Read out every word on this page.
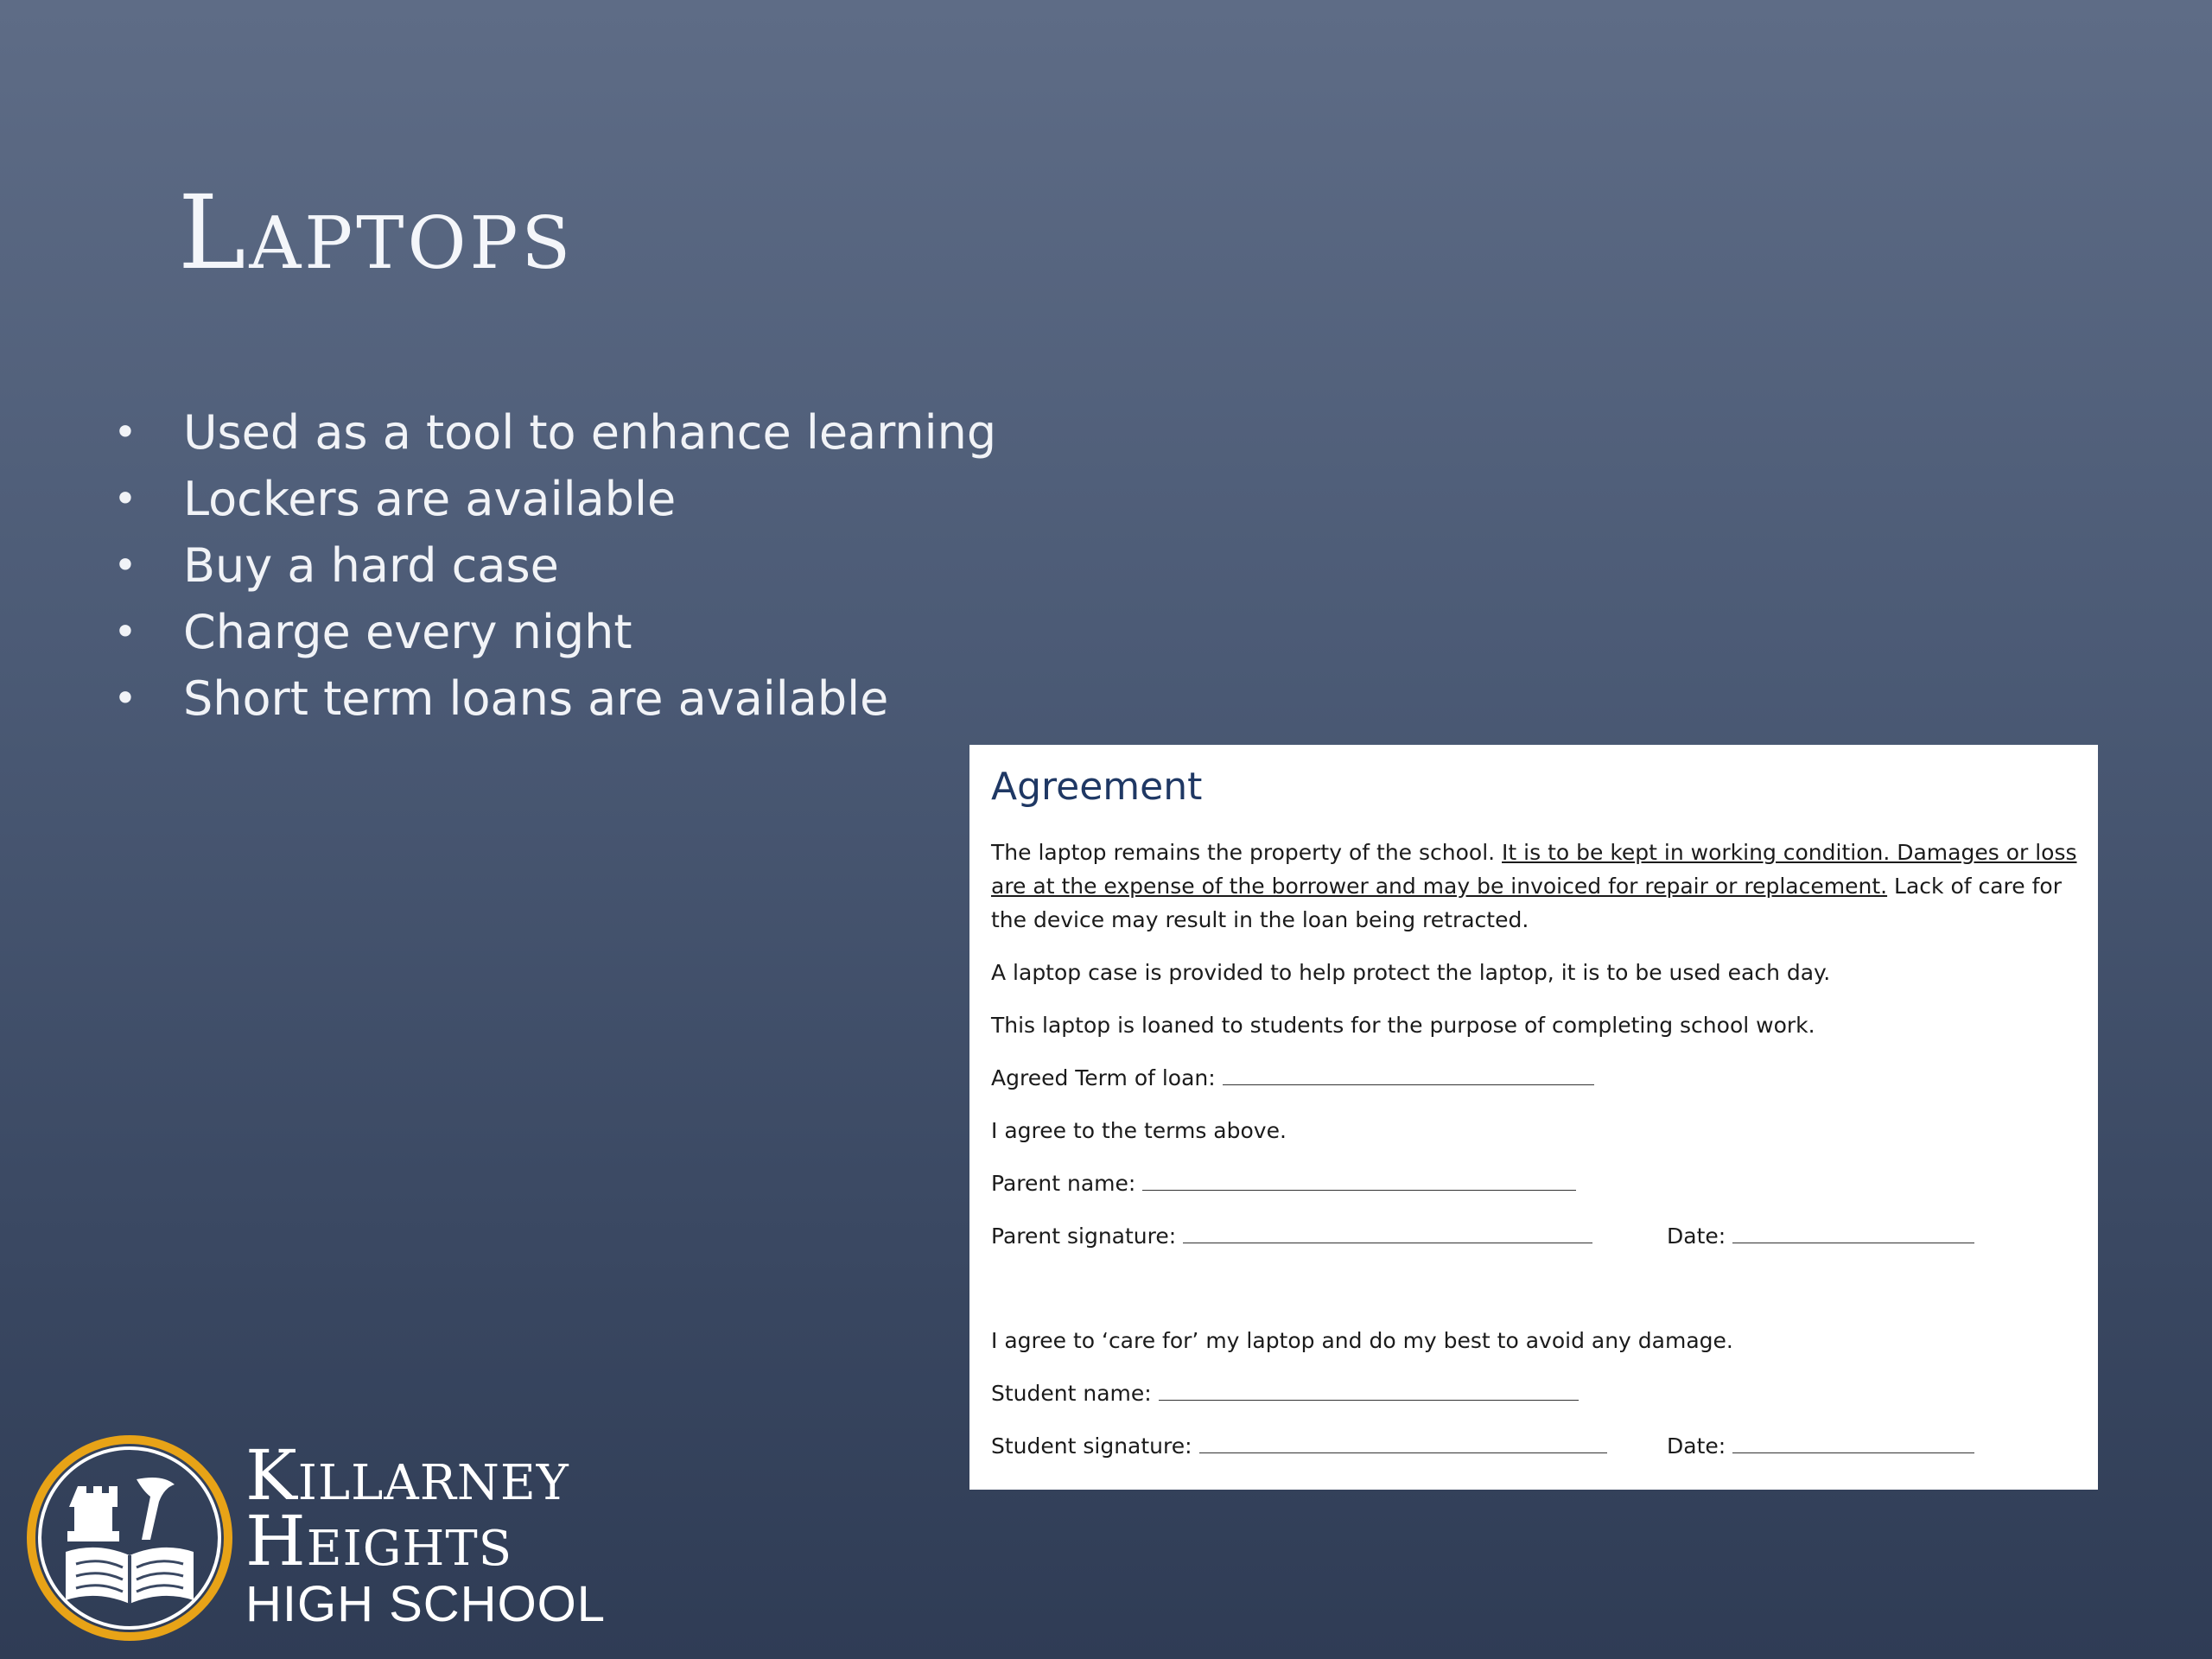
Laptops
• Used as a tool to enhance learning
• Lockers are available
• Buy a hard case
• Charge every night
• Short term loans are available
Agreement

The laptop remains the property of the school. It is to be kept in working condition. Damages or loss are at the expense of the borrower and may be invoiced for repair or replacement. Lack of care for the device may result in the loan being retracted.

A laptop case is provided to help protect the laptop, it is to be used each day.

This laptop is loaned to students for the purpose of completing school work.

Agreed Term of loan:

I agree to the terms above.

Parent name:

Parent signature:	Date:

I agree to ‘care for’ my laptop and do my best to avoid any damage.

Student name:

Student signature:	Date:

Killarney
Heights
HIGH SCHOOL
